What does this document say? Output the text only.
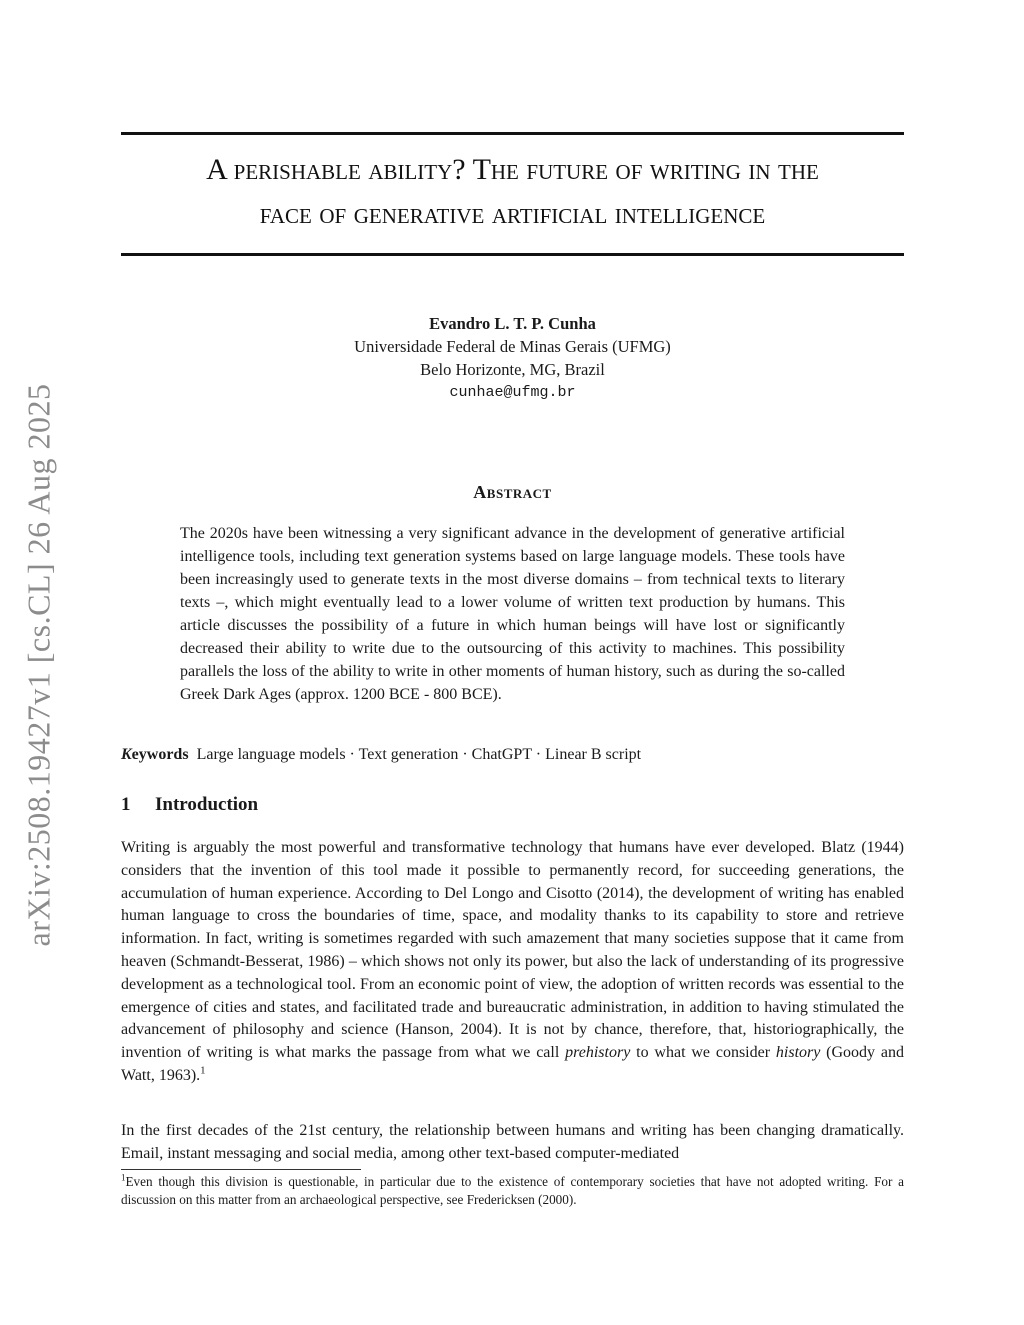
arXiv:2508.19427v1 [cs.CL] 26 Aug 2025
A perishable ability? The future of writing in the
face of generative artificial intelligence
Evandro L. T. P. Cunha
Universidade Federal de Minas Gerais (UFMG)
Belo Horizonte, MG, Brazil
cunhae@ufmg.br
Abstract
The 2020s have been witnessing a very significant advance in the development of generative artificial intelligence tools, including text generation systems based on large language models. These tools have been increasingly used to generate texts in the most diverse domains – from technical texts to literary texts –, which might eventually lead to a lower volume of written text production by humans. This article discusses the possibility of a future in which human beings will have lost or significantly decreased their ability to write due to the outsourcing of this activity to machines. This possibility parallels the loss of the ability to write in other moments of human history, such as during the so-called Greek Dark Ages (approx. 1200 BCE - 800 BCE).
Keywords Large language models · Text generation · ChatGPT · Linear B script
1 Introduction
Writing is arguably the most powerful and transformative technology that humans have ever developed. Blatz (1944) considers that the invention of this tool made it possible to permanently record, for succeeding generations, the accumulation of human experience. According to Del Longo and Cisotto (2014), the development of writing has enabled human language to cross the boundaries of time, space, and modality thanks to its capability to store and retrieve information. In fact, writing is sometimes regarded with such amazement that many societies suppose that it came from heaven (Schmandt-Besserat, 1986) – which shows not only its power, but also the lack of understanding of its progressive development as a technological tool. From an economic point of view, the adoption of written records was essential to the emergence of cities and states, and facilitated trade and bureaucratic administration, in addition to having stimulated the advancement of philosophy and science (Hanson, 2004). It is not by chance, therefore, that, historiographically, the invention of writing is what marks the passage from what we call prehistory to what we consider history (Goody and Watt, 1963).$^1$
In the first decades of the 21st century, the relationship between humans and writing has been changing dramatically. Email, instant messaging and social media, among other text-based computer-mediated
$^1$Even though this division is questionable, in particular due to the existence of contemporary societies that have not adopted writing. For a discussion on this matter from an archaeological perspective, see Fredericksen (2000).
